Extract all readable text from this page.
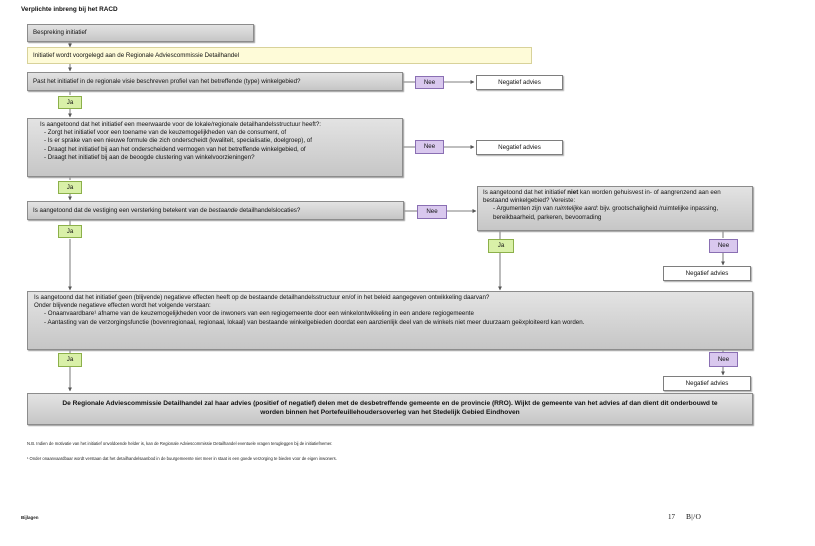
Verplichte inbreng bij het RACD
Bespreking initiatief
Initiatief wordt voorgelegd aan de Regionale Adviescommissie Detailhandel
Past het initiatief in de regionale visie beschreven profiel van het betreffende (type) winkelgebied?	Nee	Negatief advies
Ja
Is aangetoond dat het initiatief een meerwaarde voor de lokale/regionale detailhandelsstructuur heeft?:
- Zorgt het initiatief voor een toename van de keuzemogelijkheden van de consument, of
- Is er sprake van een nieuwe formule die zich onderscheidt (kwaliteit, specialisatie, doelgroep), of
- Draagt het initiatief bij aan het onderscheidend vermogen van het betreffende winkelgebied, of
- Draagt het initiatief bij aan de beoogde clustering van winkelvoorzieningen?
Nee	Negatief advies
Ja
Is aangetoond dat de vestiging een versterking betekent van de bestaande detailhandelslocaties?	Nee
Ja
Is aangetoond dat het initiatief niet kan worden gehuisvest in- of aangrenzend aan een bestaand winkelgebied? Vereiste:
- Argumenten zijn van ruimtelijke aard: bijv. grootschaligheid /ruimtelijke inpassing, bereikbaarheid, parkeren, bevoorrading
Ja	Nee
Negatief advies
Is aangetoond dat het initiatief geen (blijvende) negatieve effecten heeft op de bestaande detailhandelsstructuur en/of in het beleid aangegeven ontwikkeling daarvan?
Onder blijvende negatieve effecten wordt het volgende verstaan:
- Onaanvaardbare¹ afname van de keuzemogelijkheden voor de inwoners van een regiogemeente door een winkelontwikkeling in een andere regiogemeente
- Aantasting van de verzorgingsfunctie (bovenregionaal, regionaal, lokaal) van bestaande winkelgebieden doordat een aanzienlijk deel van de winkels niet meer duurzaam geëxploiteerd kan worden.
Ja	Nee
Negatief advies
De Regionale Adviescommissie Detailhandel zal haar advies (positief of negatief) delen met de desbetreffende gemeente en de provincie (RRO). Wijkt de gemeente van het advies af dan dient dit onderbouwd te worden binnen het Portefeuillehoudersoverleg van het Stedelijk Gebied Eindhoven
N.B. Indien de motivatie van het initiatief onvoldoende helder is, kan de Regionale Adviescommissie Detailhandel eventuele vragen terugleggen bij de initiatiefnemer.
¹ Onder onaanvaardbaar wordt verstaan dat het detailhandelsaanbod in de buurgemeente niet meer in staat is een goede verzorging te bieden voor de eigen inwoners.
Bijlagen	17 B|/O
